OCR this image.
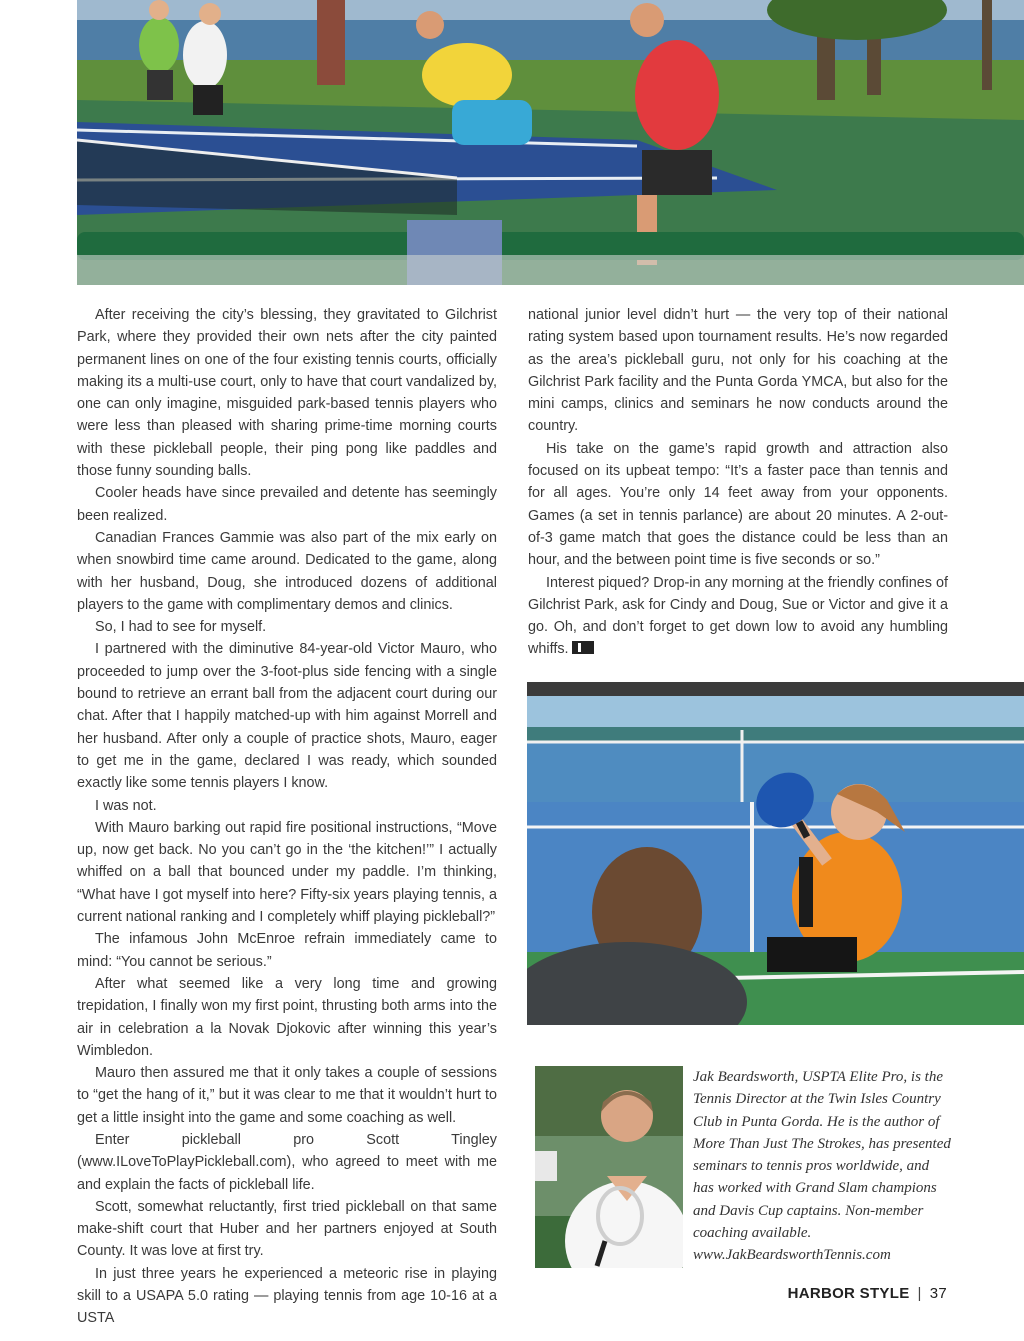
After receiving the city’s blessing, they gravitated to Gilchrist Park, where they provided their own nets after the city painted permanent lines on one of the four existing tennis courts, officially making its a multi-use court, only to have that court vandalized by, one can only imagine, misguided park-based tennis players who were less than pleased with sharing prime-time morning courts with these pickleball people, their ping pong like paddles and those funny sounding balls.

Cooler heads have since prevailed and detente has seemingly been realized.

Canadian Frances Gammie was also part of the mix early on when snowbird time came around. Dedicated to the game, along with her husband, Doug, she introduced dozens of additional players to the game with complimentary demos and clinics.

So, I had to see for myself.

I partnered with the diminutive 84-year-old Victor Mauro, who proceeded to jump over the 3-foot-plus side fencing with a single bound to retrieve an errant ball from the adjacent court during our chat. After that I happily matched-up with him against Morrell and her husband. After only a couple of practice shots, Mauro, eager to get me in the game, declared I was ready, which sounded exactly like some tennis players I know.

I was not.

With Mauro barking out rapid fire positional instructions, “Move up, now get back. No you can’t go in the ‘the kitchen!’” I actually whiffed on a ball that bounced under my paddle. I’m thinking, “What have I got myself into here? Fifty-six years playing tennis, a current national ranking and I completely whiff playing pickleball?”

The infamous John McEnroe refrain immediately came to mind: “You cannot be serious.”

After what seemed like a very long time and growing trepidation, I finally won my first point, thrusting both arms into the air in celebration a la Novak Djokovic after winning this year’s Wimbledon.

Mauro then assured me that it only takes a couple of sessions to “get the hang of it,” but it was clear to me that it wouldn’t hurt to get a little insight into the game and some coaching as well.

Enter pickleball pro Scott Tingley (www.ILoveToPlayPickleball.com), who agreed to meet with me and explain the facts of pickleball life.

Scott, somewhat reluctantly, first tried pickleball on that same make-shift court that Huber and her partners enjoyed at South County. It was love at first try.

In just three years he experienced a meteoric rise in playing skill to a USAPA 5.0 rating — playing tennis from age 10-16 at a USTA

national junior level didn’t hurt — the very top of their national rating system based upon tournament results. He’s now regarded as the area’s pickleball guru, not only for his coaching at the Gilchrist Park facility and the Punta Gorda YMCA, but also for the mini camps, clinics and seminars he now conducts around the country.

His take on the game’s rapid growth and attraction also focused on its upbeat tempo: “It’s a faster pace than tennis and for all ages. You’re only 14 feet away from your opponents. Games (a set in tennis parlance) are about 20 minutes. A 2-out-of-3 game match that goes the distance could be less than an hour, and the between point time is five seconds or so.”

Interest piqued? Drop-in any morning at the friendly confines of Gilchrist Park, ask for Cindy and Doug, Sue or Victor and give it a go. Oh, and don’t forget to get down low to avoid any humbling whiffs.

Jak Beardsworth, USPTA Elite Pro, is the Tennis Director at the Twin Isles Country Club in Punta Gorda. He is the author of More Than Just The Strokes, has presented seminars to tennis pros worldwide, and has worked with Grand Slam champions and Davis Cup captains. Non-member coaching available. www.JakBeardsworthTennis.com

HARBOR STYLE | 37
